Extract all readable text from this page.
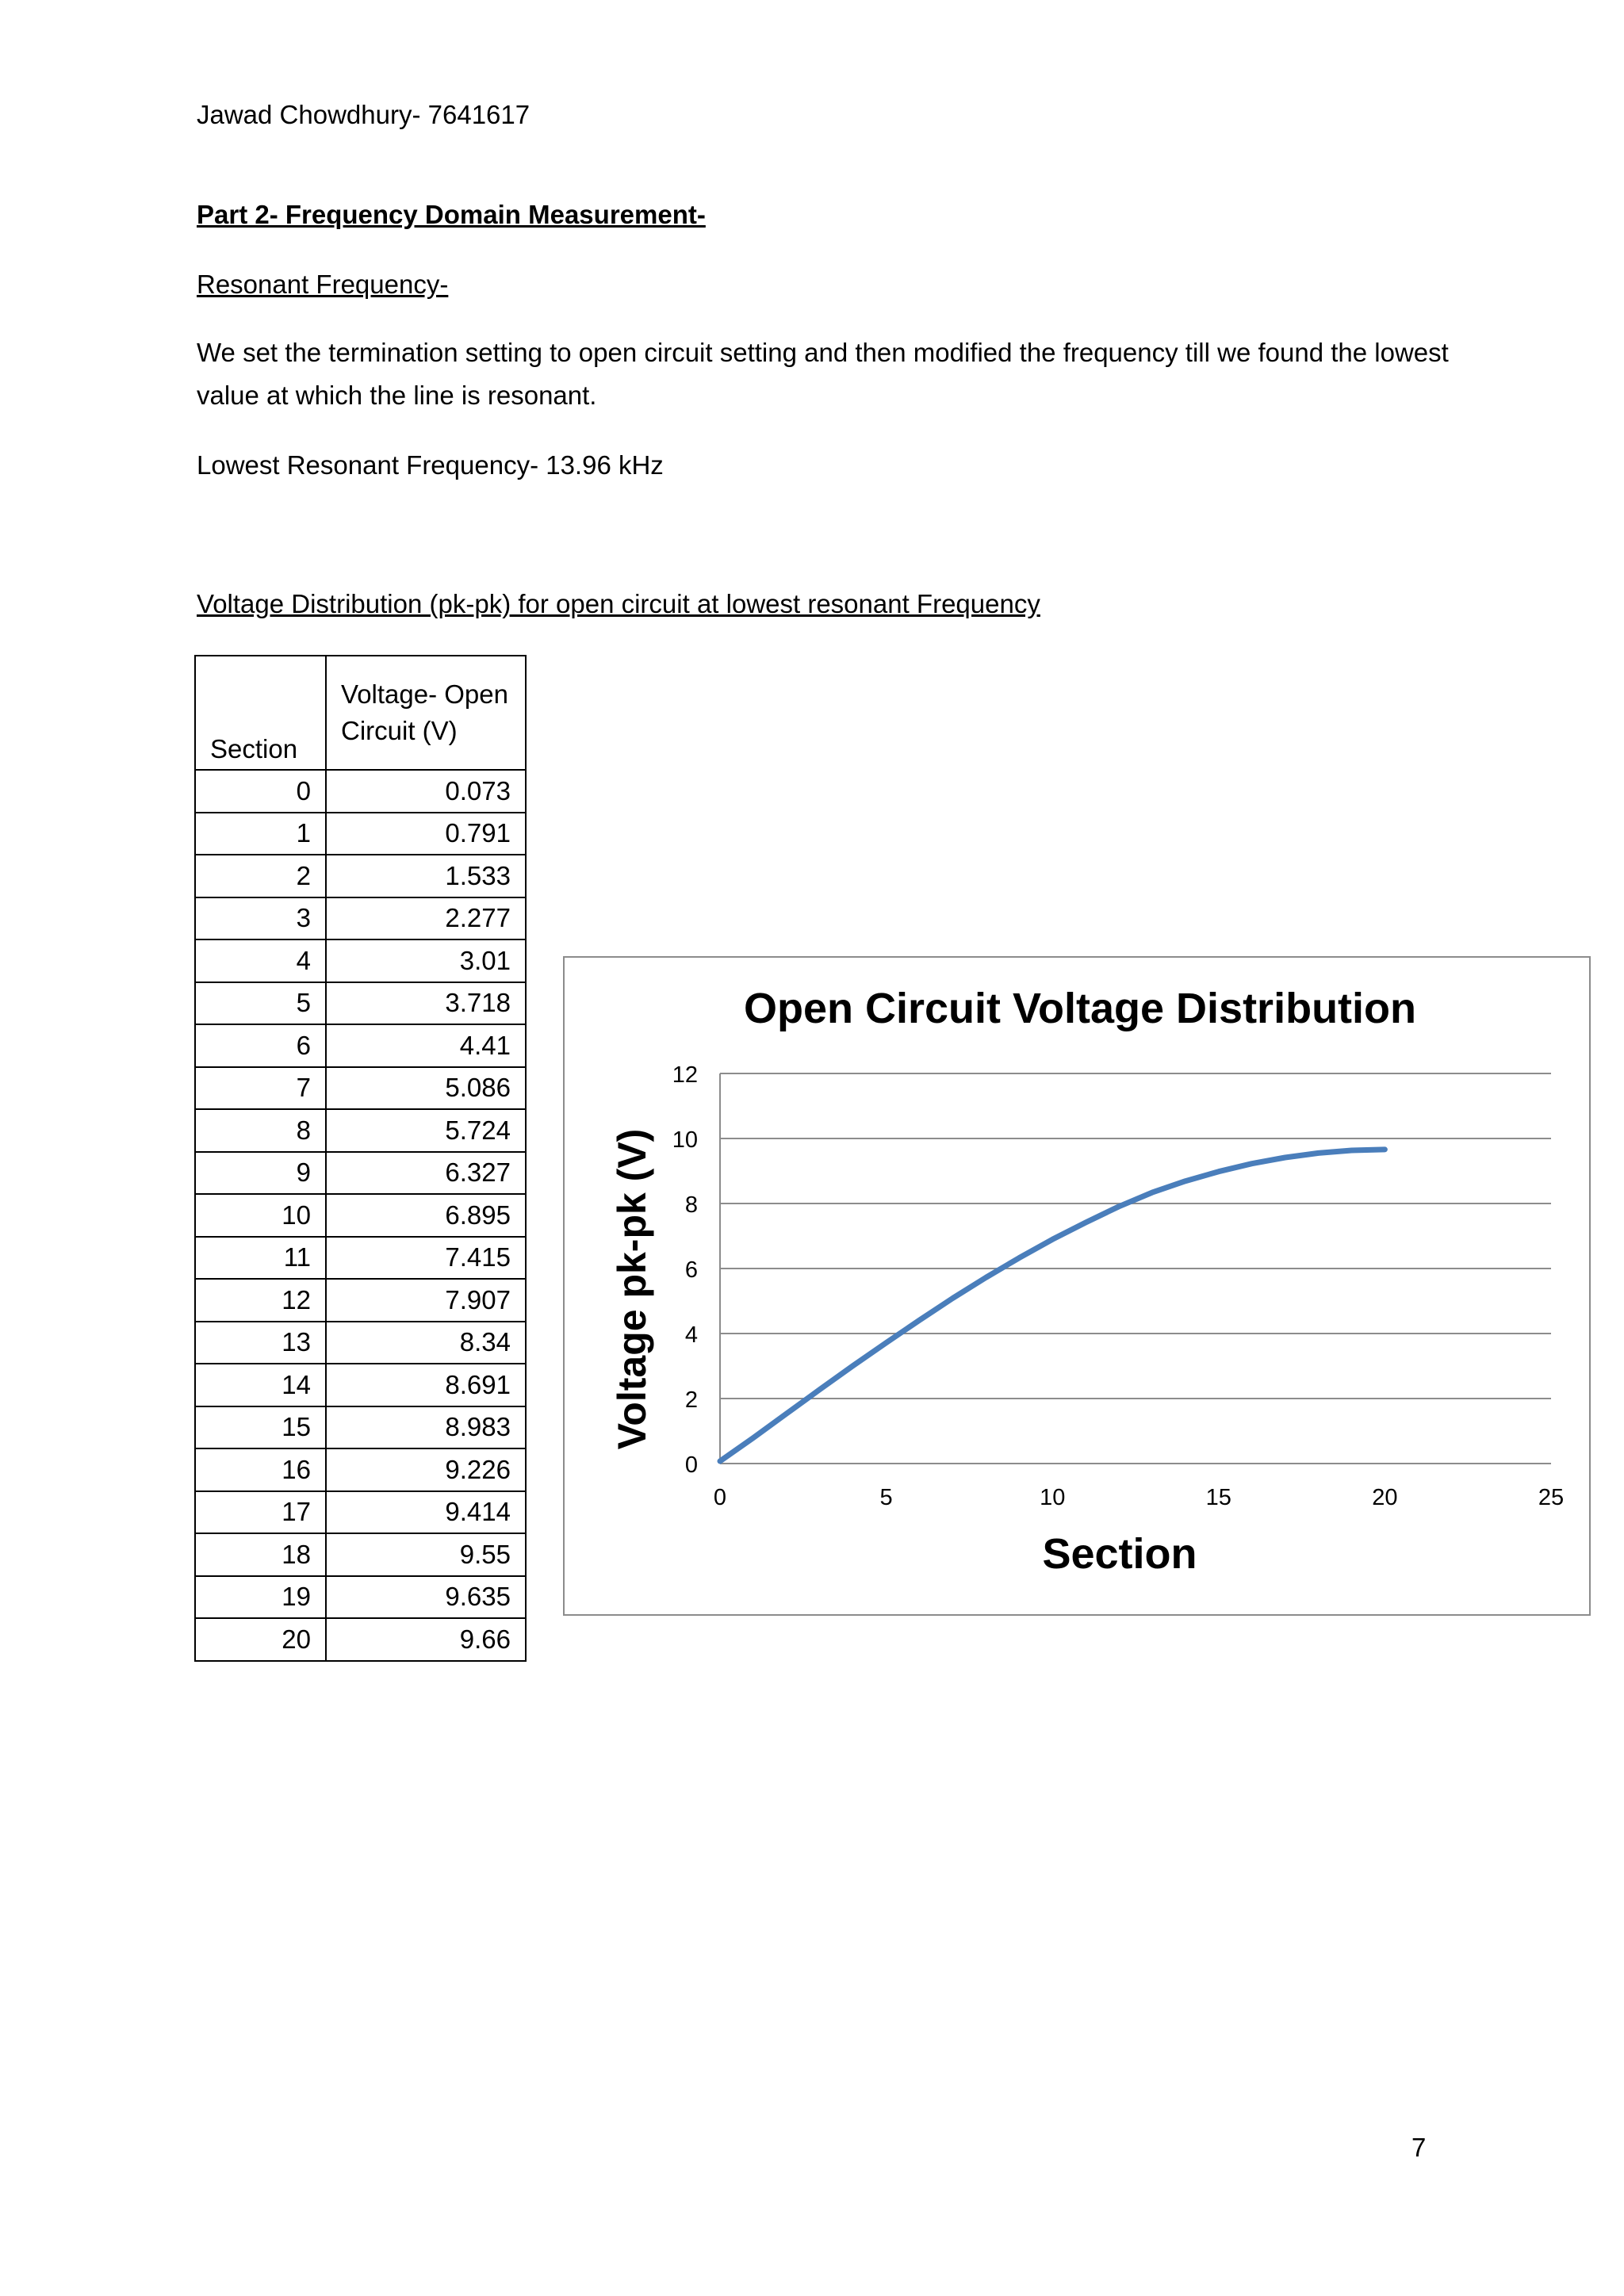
Jawad Chowdhury- 7641617
Part 2- Frequency Domain Measurement-
Resonant Frequency-
We set the termination setting to open circuit setting and then modified the frequency till we found the lowest value at which the line is resonant.
Lowest Resonant Frequency- 13.96 kHz
Voltage Distribution (pk-pk) for open circuit at lowest resonant Frequency
Section	Voltage- Open Circuit (V)
0	0.073
1	0.791
2	1.533
3	2.277
4	3.01
5	3.718
6	4.41
7	5.086
8	5.724
9	6.327
10	6.895
11	7.415
12	7.907
13	8.34
14	8.691
15	8.983
16	9.226
17	9.414
18	9.55
19	9.635
20	9.66
Open Circuit Voltage Distribution
0
2
4
6
8
10
12
0	5	10	15	20	25
Section
Voltage pk-pk (V)
7
